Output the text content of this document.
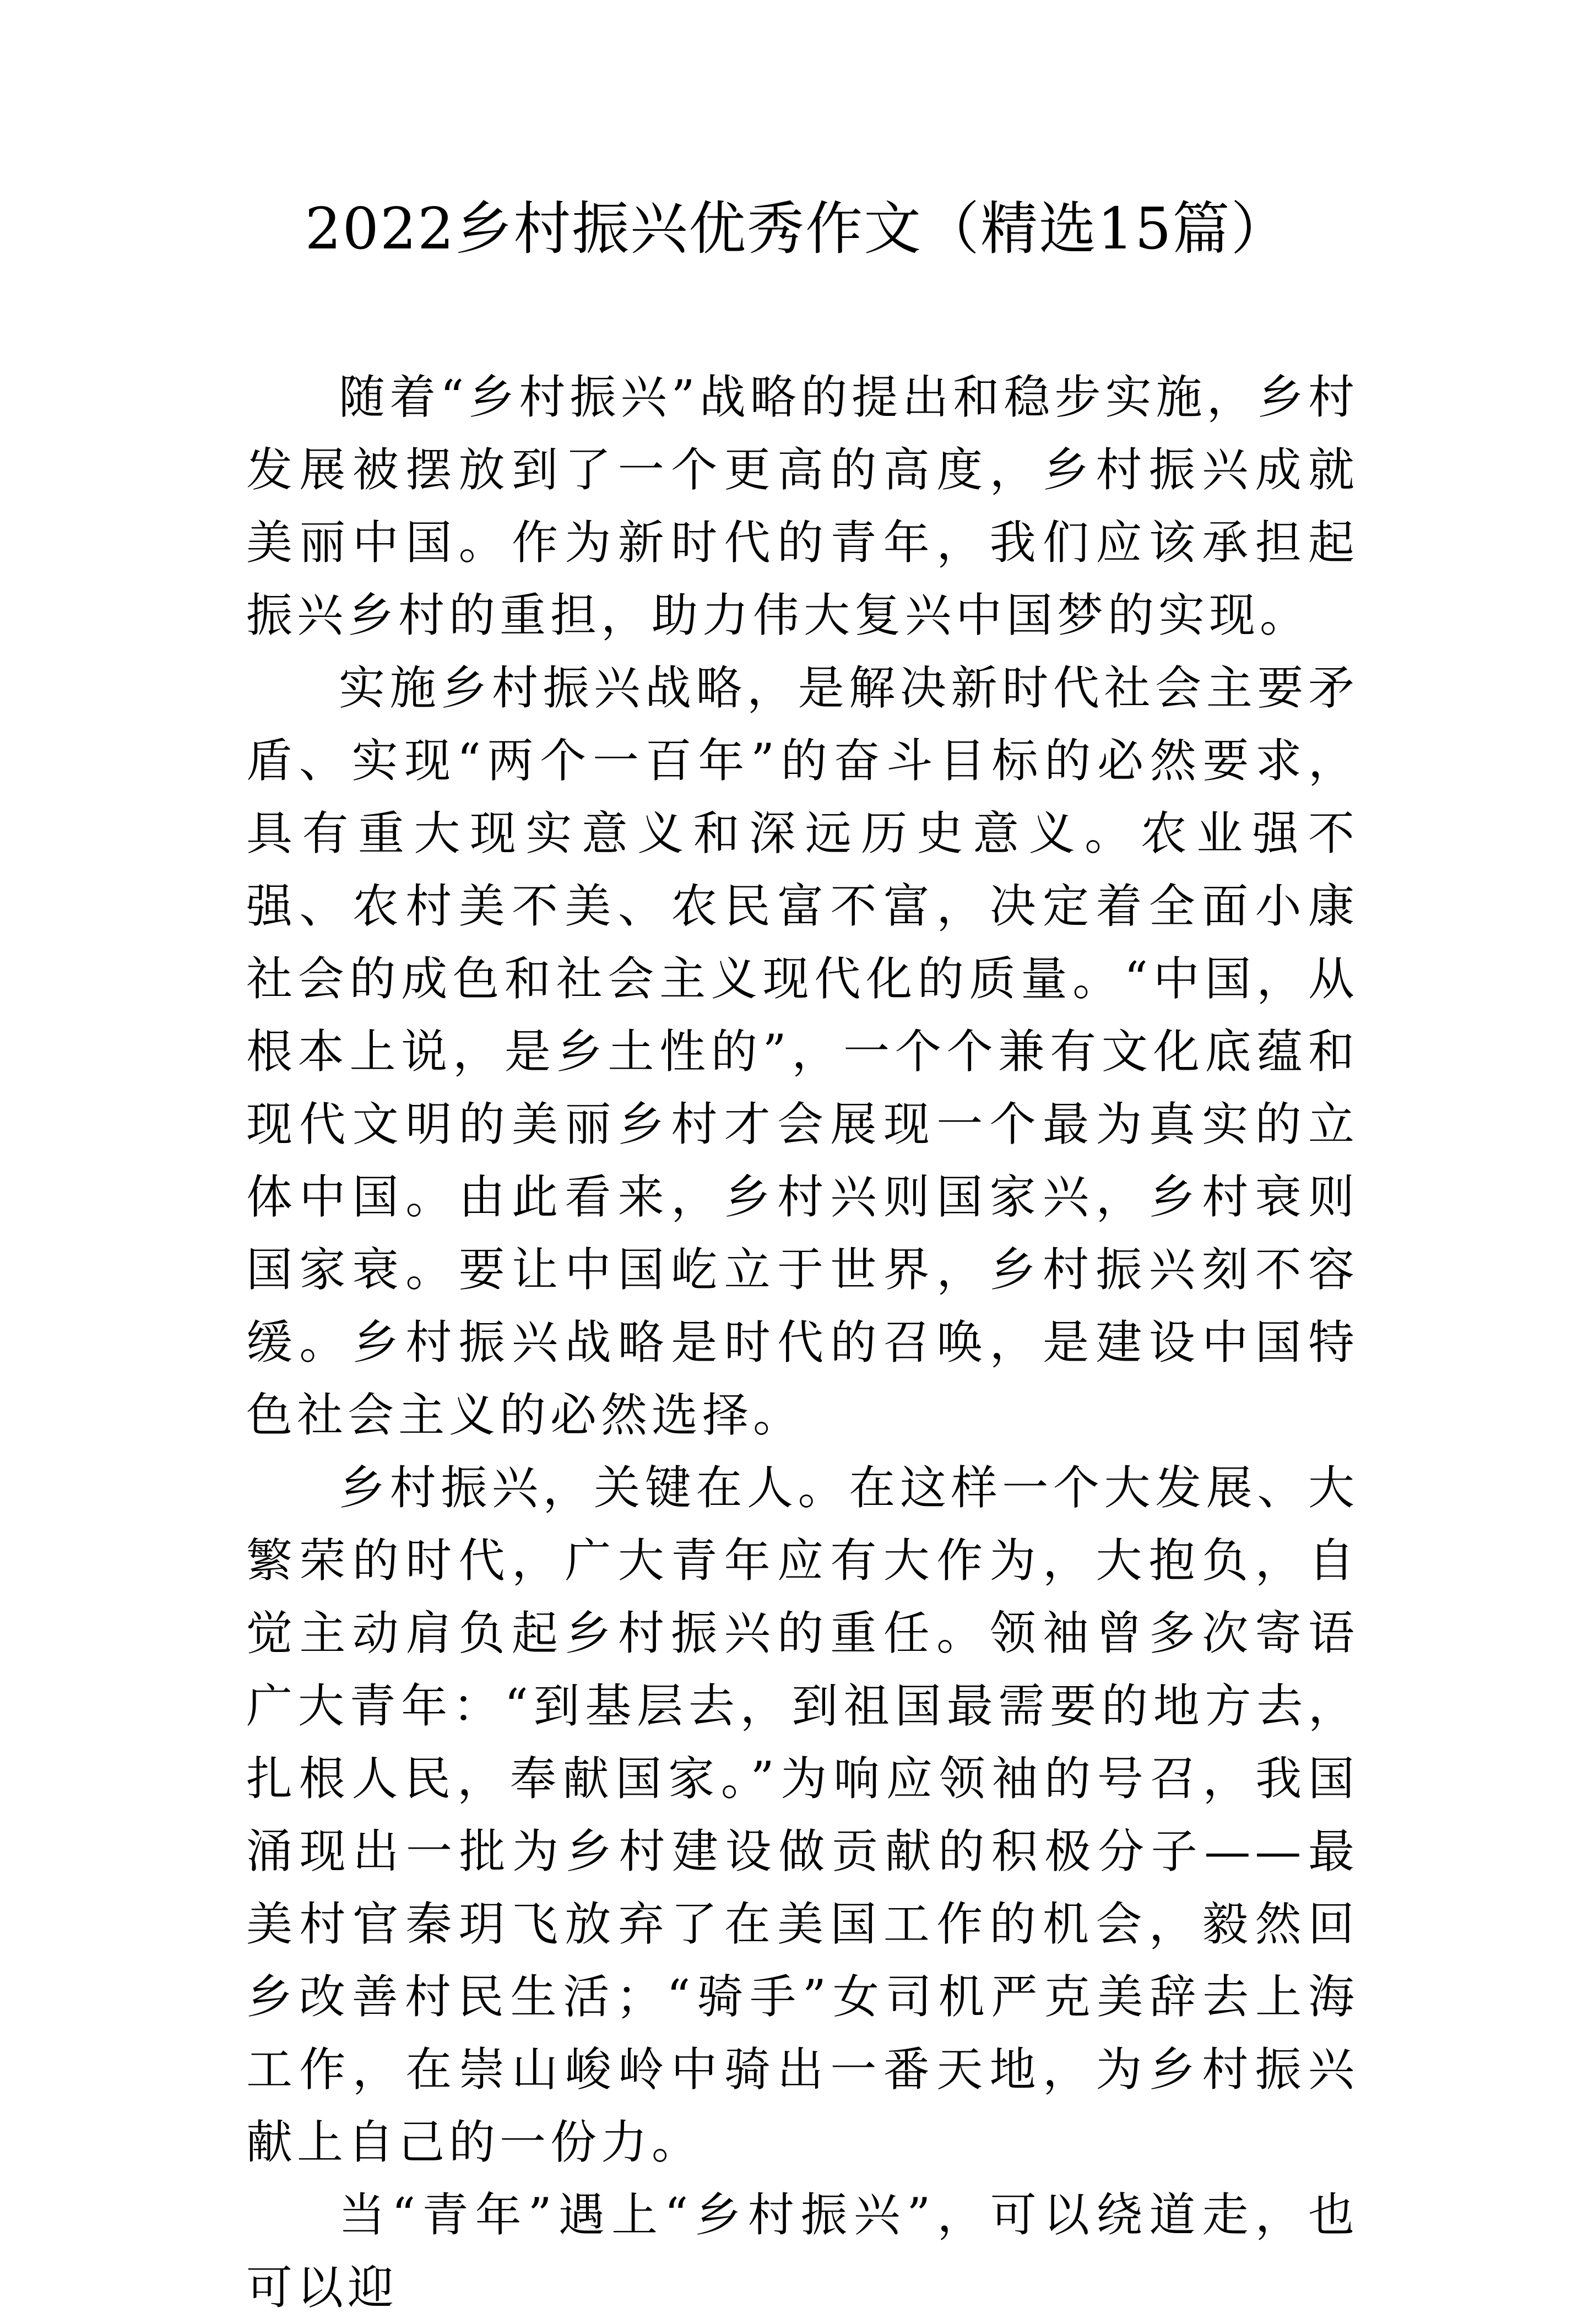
2022乡村振兴优秀作文（精选15篇）

随着“乡村振兴”战略的提出和稳步实施，乡村发展被摆放到了一个更高的高度，乡村振兴成就美丽中国。作为新时代的青年，我们应该承担起振兴乡村的重担，助力伟大复兴中国梦的实现。

实施乡村振兴战略，是解决新时代社会主要矛盾、实现“两个一百年”的奋斗目标的必然要求，具有重大现实意义和深远历史意义。农业强不强、农村美不美、农民富不富，决定着全面小康社会的成色和社会主义现代化的质量。“中国，从根本上说，是乡土性的”，一个个兼有文化底蕴和现代文明的美丽乡村才会展现一个最为真实的立体中国。由此看来，乡村兴则国家兴，乡村衰则国家衰。要让中国屹立于世界，乡村振兴刻不容缓。乡村振兴战略是时代的召唤，是建设中国特色社会主义的必然选择。

乡村振兴，关键在人。在这样一个大发展、大繁荣的时代，广大青年应有大作为，大抱负，自觉主动肩负起乡村振兴的重任。领袖曾多次寄语广大青年：“到基层去，到祖国最需要的地方去，扎根人民，奉献国家。”为响应领袖的号召，我国涌现出一批为乡村建设做贡献的积极分子——最美村官秦玥飞放弃了在美国工作的机会，毅然回乡改善村民生活；“骑手”女司机严克美辞去上海工作，在崇山峻岭中骑出一番天地，为乡村振兴献上自己的一份力。

当“青年”遇上“乡村振兴”，可以绕道走，也可以迎
